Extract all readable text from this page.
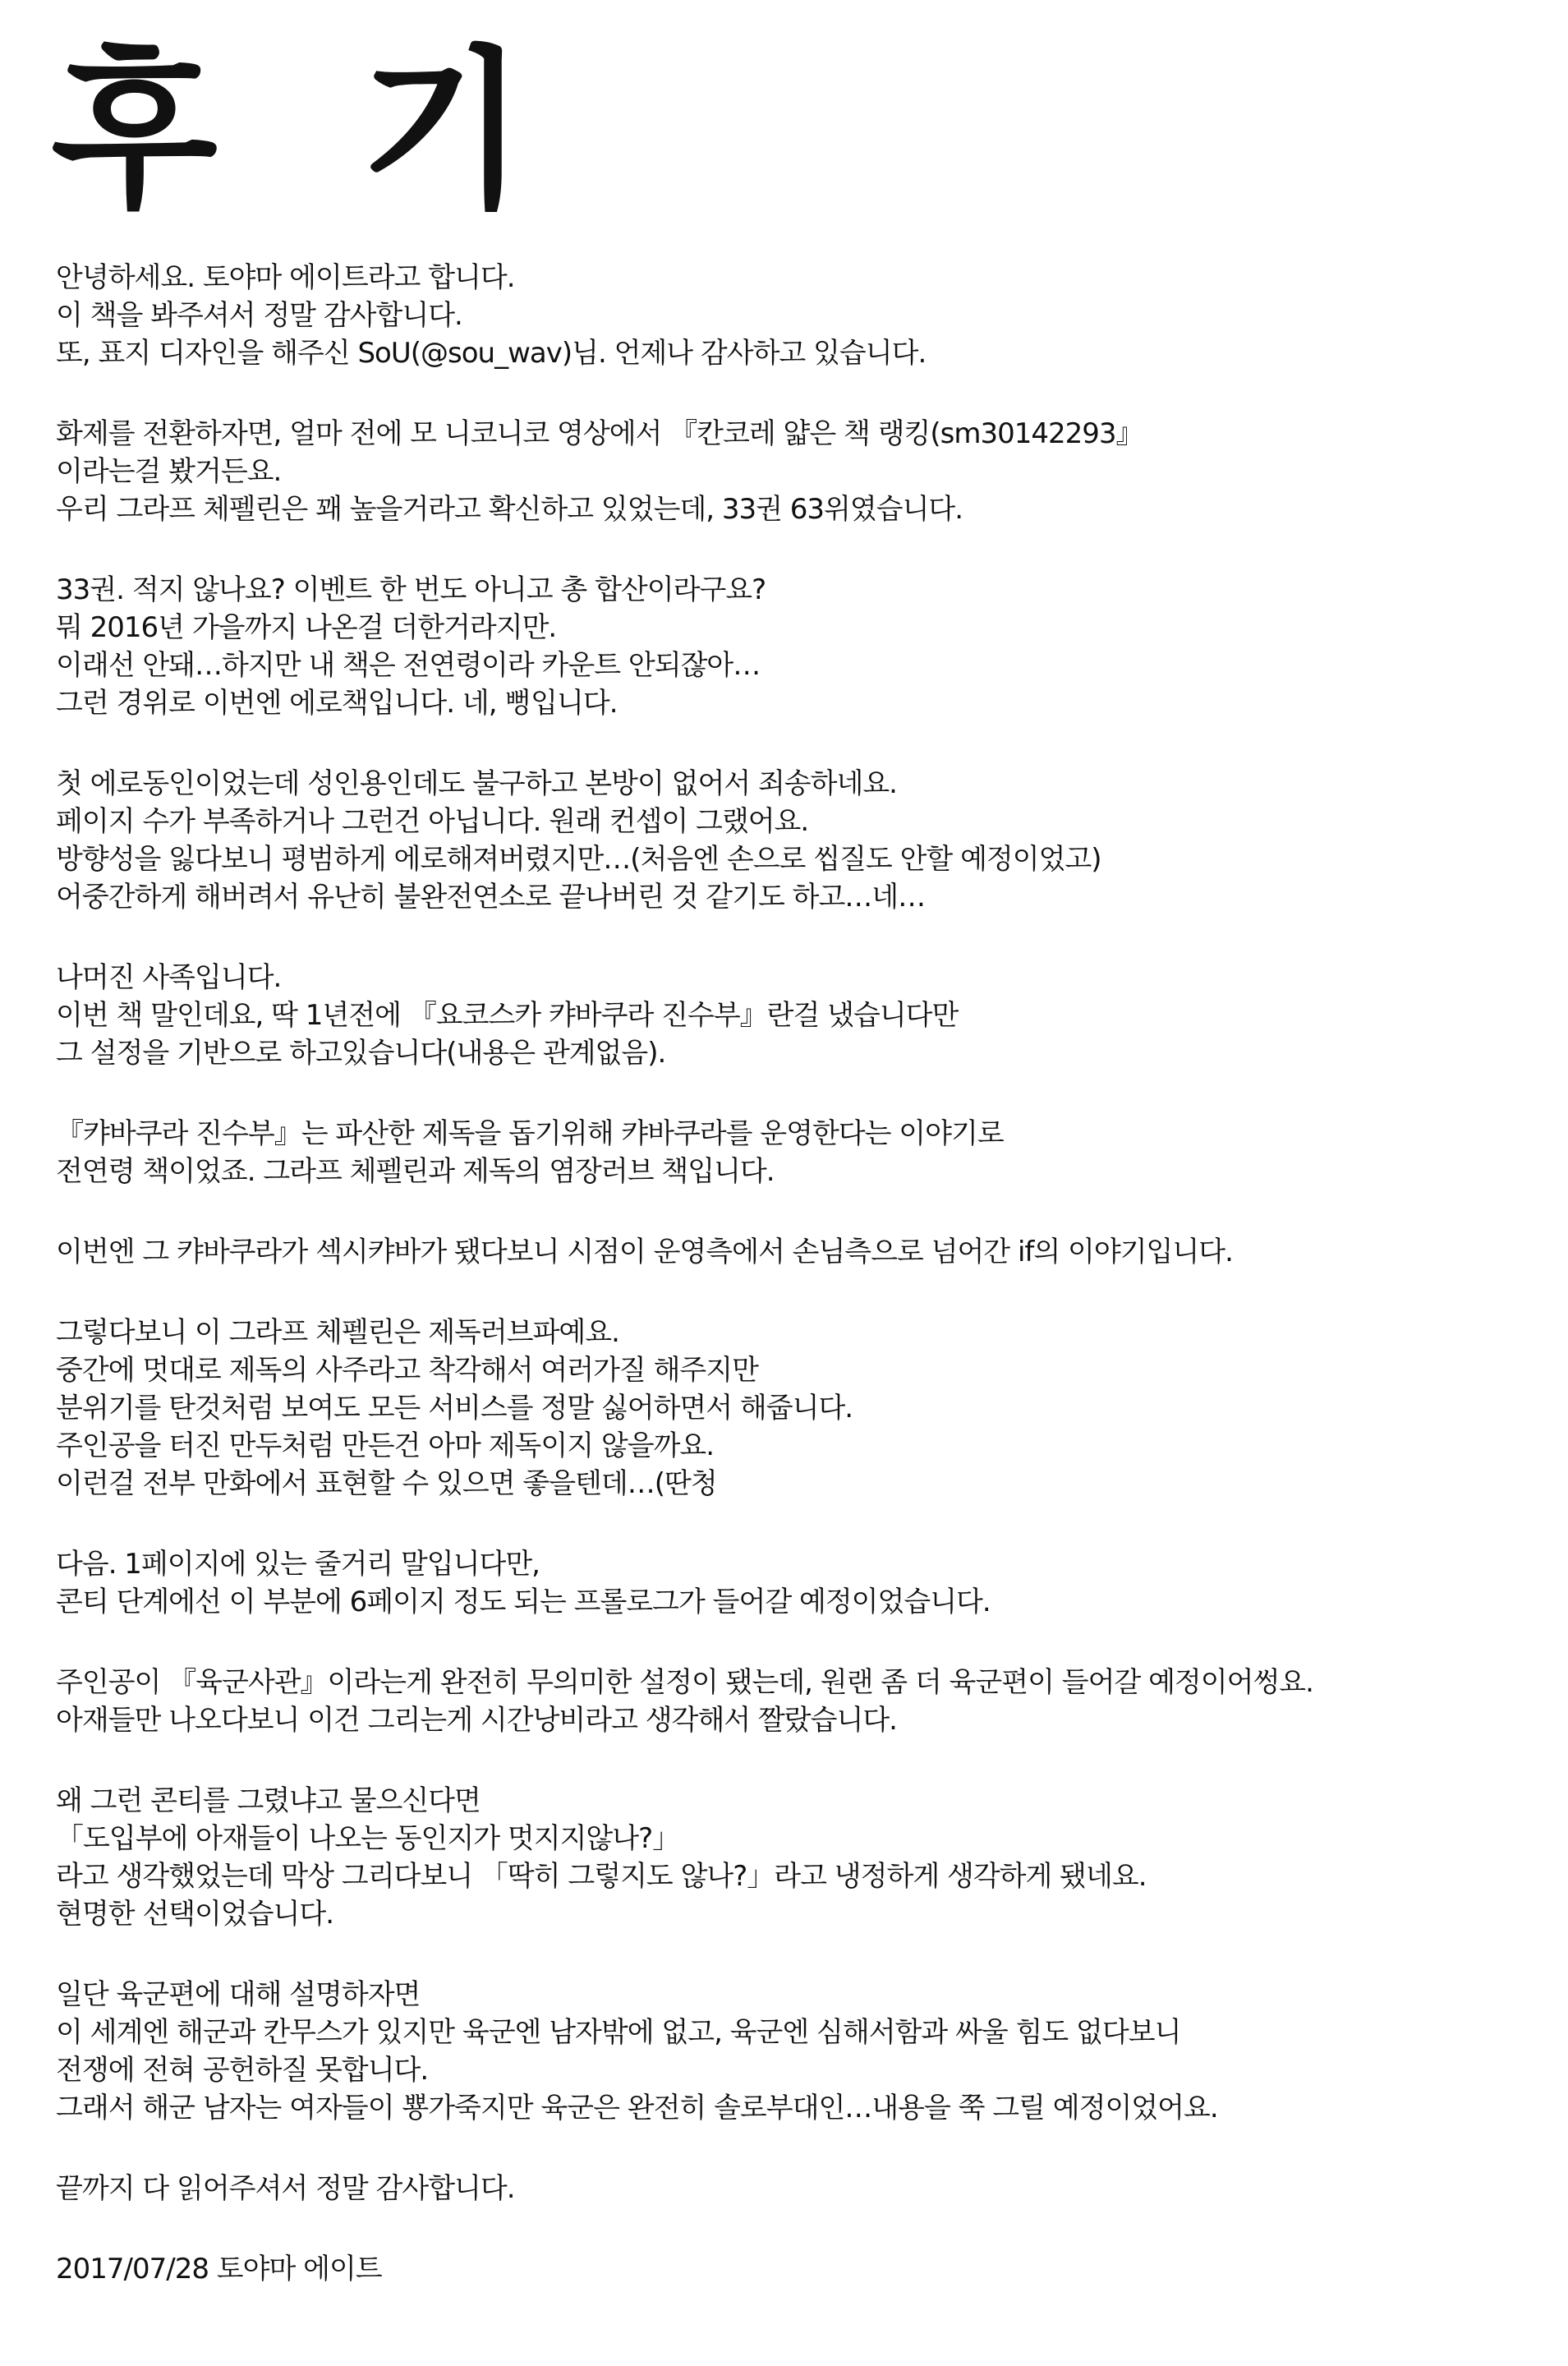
후 기
안녕하세요. 토야마 에이트라고 합니다.
이 책을 봐주셔서 정말 감사합니다.
또, 표지 디자인을 해주신 SoU(@sou_wav)님. 언제나 감사하고 있습니다.
화제를 전환하자면, 얼마 전에 모 니코니코 영상에서 『칸코레 얇은 책 랭킹(sm30142293』
이라는걸 봤거든요.
우리 그라프 체펠린은 꽤 높을거라고 확신하고 있었는데, 33권 63위였습니다.
33권. 적지 않나요? 이벤트 한 번도 아니고 총 합산이라구요?
뭐 2016년 가을까지 나온걸 더한거라지만.
이래선 안돼…하지만 내 책은 전연령이라 카운트 안되잖아…
그런 경위로 이번엔 에로책입니다. 네, 뻥입니다.
첫 에로동인이었는데 성인용인데도 불구하고 본방이 없어서 죄송하네요.
페이지 수가 부족하거나 그런건 아닙니다. 원래 컨셉이 그랬어요.
방향성을 잃다보니 평범하게 에로해져버렸지만…(처음엔 손으로 씹질도 안할 예정이었고)
어중간하게 해버려서 유난히 불완전연소로 끝나버린 것 같기도 하고…네…
나머진 사족입니다.
이번 책 말인데요, 딱 1년전에 『요코스카 캬바쿠라 진수부』란걸 냈습니다만
그 설정을 기반으로 하고있습니다(내용은 관계없음).
『캬바쿠라 진수부』는 파산한 제독을 돕기위해 캬바쿠라를 운영한다는 이야기로
전연령 책이었죠. 그라프 체펠린과 제독의 염장러브 책입니다.
이번엔 그 캬바쿠라가 섹시캬바가 됐다보니 시점이 운영측에서 손님측으로 넘어간 if의 이야기입니다.
그렇다보니 이 그라프 체펠린은 제독러브파예요.
중간에 멋대로 제독의 사주라고 착각해서 여러가질 해주지만
분위기를 탄것처럼 보여도 모든 서비스를 정말 싫어하면서 해줍니다.
주인공을 터진 만두처럼 만든건 아마 제독이지 않을까요.
이런걸 전부 만화에서 표현할 수 있으면 좋을텐데…(딴청
다음. 1페이지에 있는 줄거리 말입니다만,
콘티 단계에선 이 부분에 6페이지 정도 되는 프롤로그가 들어갈 예정이었습니다.
주인공이 『육군사관』이라는게 완전히 무의미한 설정이 됐는데, 원랜 좀 더 육군편이 들어갈 예정이어썽요.
아재들만 나오다보니 이건 그리는게 시간낭비라고 생각해서 짤랐습니다.
왜 그런 콘티를 그렸냐고 물으신다면
「도입부에 아재들이 나오는 동인지가 멋지지않나?」
라고 생각했었는데 막상 그리다보니 「딱히 그렇지도 않나?」라고 냉정하게 생각하게 됐네요.
현명한 선택이었습니다.
일단 육군편에 대해 설명하자면
이 세계엔 해군과 칸무스가 있지만 육군엔 남자밖에 없고, 육군엔 심해서함과 싸울 힘도 없다보니
전쟁에 전혀 공헌하질 못합니다.
그래서 해군 남자는 여자들이 뿅가죽지만 육군은 완전히 솔로부대인…내용을 쭉 그릴 예정이었어요.
끝까지 다 읽어주셔서 정말 감사합니다.
2017/07/28 토야마 에이트
